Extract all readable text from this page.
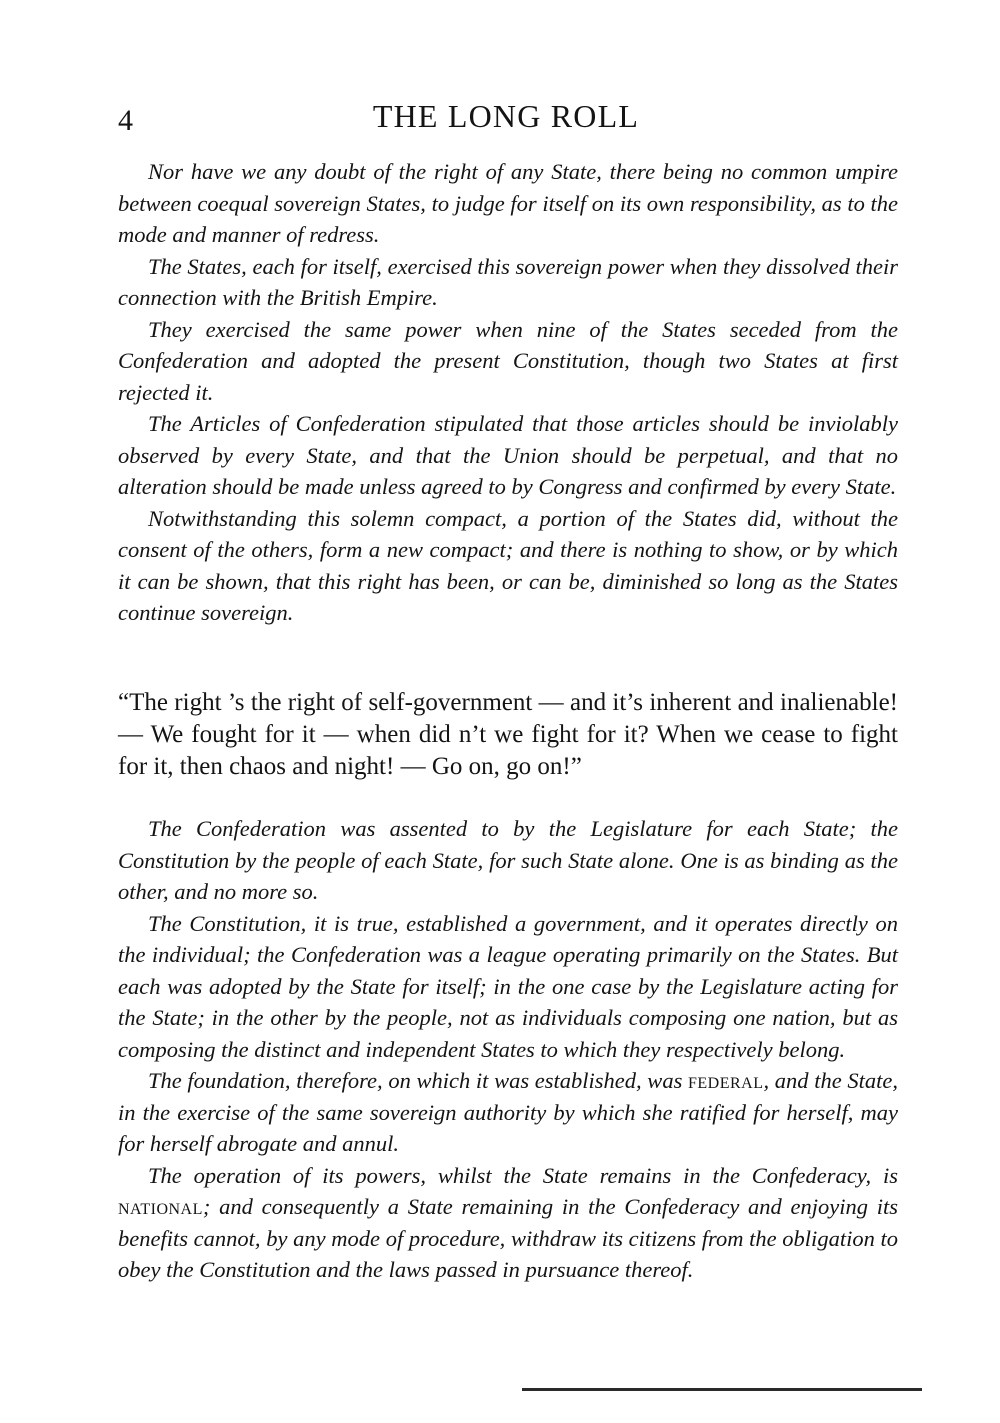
4	THE LONG ROLL

Nor have we any doubt of the right of any State, there being no common umpire between coequal sovereign States, to judge for itself on its own responsibility, as to the mode and manner of redress.

The States, each for itself, exercised this sovereign power when they dissolved their connection with the British Empire.

They exercised the same power when nine of the States seceded from the Confederation and adopted the present Constitution, though two States at first rejected it.

The Articles of Confederation stipulated that those articles should be inviolably observed by every State, and that the Union should be perpetual, and that no alteration should be made unless agreed to by Congress and confirmed by every State.

Notwithstanding this solemn compact, a portion of the States did, without the consent of the others, form a new compact; and there is nothing to show, or by which it can be shown, that this right has been, or can be, diminished so long as the States continue sovereign.

“The right ’s the right of self-government — and it’s inherent and inalienable! — We fought for it — when did n’t we fight for it? When we cease to fight for it, then chaos and night! — Go on, go on!”

The Confederation was assented to by the Legislature for each State; the Constitution by the people of each State, for such State alone. One is as binding as the other, and no more so.

The Constitution, it is true, established a government, and it operates directly on the individual; the Confederation was a league operating primarily on the States. But each was adopted by the State for itself; in the one case by the Legislature acting for the State; in the other by the people, not as individuals composing one nation, but as composing the distinct and independent States to which they respectively belong.

The foundation, therefore, on which it was established, was federal, and the State, in the exercise of the same sovereign authority by which she ratified for herself, may for herself abrogate and annul.

The operation of its powers, whilst the State remains in the Confederacy, is national; and consequently a State remaining in the Confederacy and enjoying its benefits cannot, by any mode of procedure, withdraw its citizens from the obligation to obey the Constitution and the laws passed in pursuance thereof.
